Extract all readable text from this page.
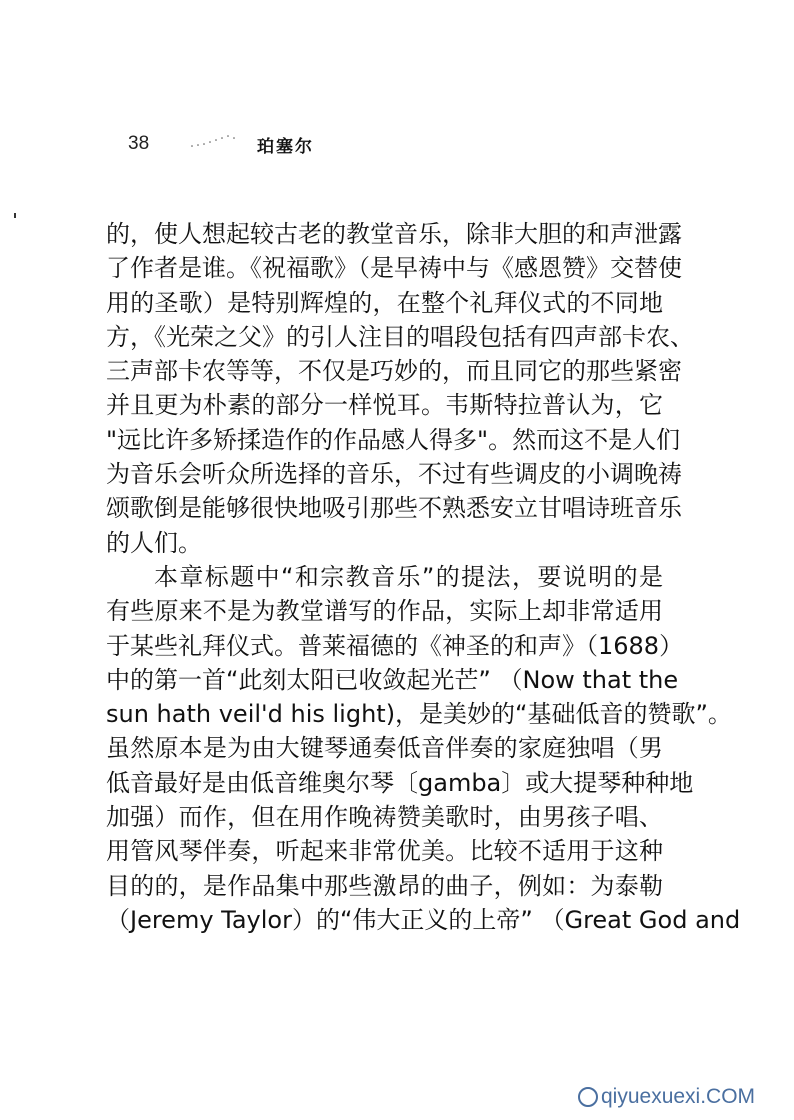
38	珀塞尔
的，使人想起较古老的教堂音乐，除非大胆的和声泄露
了作者是谁。《祝福歌》（是早祷中与《感恩赞》交替使
用的圣歌）是特别辉煌的，在整个礼拜仪式的不同地
方，《光荣之父》的引人注目的唱段包括有四声部卡农、
三声部卡农等等，不仅是巧妙的，而且同它的那些紧密
并且更为朴素的部分一样悦耳。韦斯特拉普认为，它
"远比许多矫揉造作的作品感人得多"。然而这不是人们
为音乐会听众所选择的音乐，不过有些调皮的小调晚祷
颂歌倒是能够很快地吸引那些不熟悉安立甘唱诗班音乐
的人们。
本章标题中“和宗教音乐”的提法，要说明的是
有些原来不是为教堂谱写的作品，实际上却非常适用
于某些礼拜仪式。普莱福德的《神圣的和声》（1688）
中的第一首“此刻太阳已收敛起光芒” （Now that the
sun hath veil'd his light)，是美妙的“基础低音的赞歌”。
虽然原本是为由大键琴通奏低音伴奏的家庭独唱（男
低音最好是由低音维奥尔琴〔gamba〕或大提琴种种地
加强）而作，但在用作晚祷赞美歌时，由男孩子唱、
用管风琴伴奏，听起来非常优美。比较不适用于这种
目的的，是作品集中那些激昂的曲子，例如：为泰勒
（Jeremy Taylor）的“伟大正义的上帝” （Great God and
qiyuexuexi.COM
